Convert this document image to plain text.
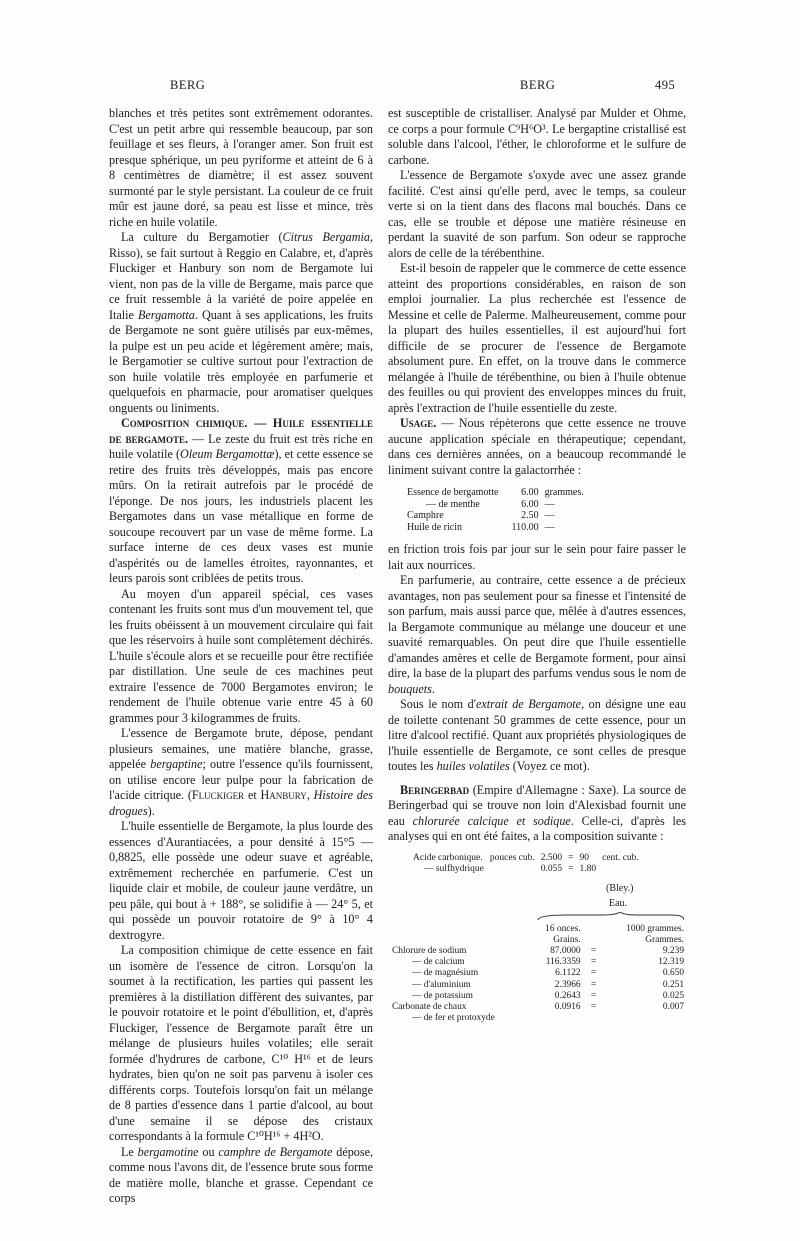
BERG	BERG	495

blanches et très petites sont extrêmement odorantes. C'est un petit arbre qui ressemble beaucoup, par son feuillage et ses fleurs, à l'oranger amer. Son fruit est presque sphérique, un peu pyriforme et atteint de 6 à 8 centimètres de diamètre; il est assez souvent surmonté par le style persistant. La couleur de ce fruit mûr est jaune doré, sa peau est lisse et mince, très riche en huile volatile.

La culture du Bergamotier (Citrus Bergamia, Risso), se fait surtout à Reggio en Calabre, et, d'après Fluckiger et Hanbury son nom de Bergamote lui vient, non pas de la ville de Bergame, mais parce que ce fruit ressemble à la variété de poire appelée en Italie Bergamotta. Quant à ses applications, les fruits de Bergamote ne sont guère utilisés par eux-mêmes, la pulpe est un peu acide et légèrement amère; mais, le Bergamotier se cultive surtout pour l'extraction de son huile volatile très employée en parfumerie et quelquefois en pharmacie, pour aromatiser quelques onguents ou liniments.

Composition chimique. — Huile essentielle de bergamote. — Le zeste du fruit est très riche en huile volatile (Oleum Bergamottæ), et cette essence se retire des fruits très développés, mais pas encore mûrs. On la retirait autrefois par le procédé de l'éponge. De nos jours, les industriels placent les Bergamotes dans un vase métallique en forme de soucoupe recouvert par un vase de même forme. La surface interne de ces deux vases est munie d'aspérités ou de lamelles étroites, rayonnantes, et leurs parois sont criblées de petits trous.

Au moyen d'un appareil spécial, ces vases contenant les fruits sont mus d'un mouvement tel, que les fruits obéissent à un mouvement circulaire qui fait que les réservoirs à huile sont complètement déchirés. L'huile s'écoule alors et se recueille pour être rectifiée par distillation. Une seule de ces machines peut extraire l'essence de 7000 Bergamotes environ; le rendement de l'huile obtenue varie entre 45 à 60 grammes pour 3 kilogrammes de fruits.

L'essence de Bergamote brute, dépose, pendant plusieurs semaines, une matière blanche, grasse, appelée bergaptine; outre l'essence qu'ils fournissent, on utilise encore leur pulpe pour la fabrication de l'acide citrique. (Fluckiger et Hanbury, Histoire des drogues).

L'huile essentielle de Bergamote, la plus lourde des essences d'Aurantiacées, a pour densité à 15°5 — 0,8825, elle possède une odeur suave et agréable, extrêmement recherchée en parfumerie. C'est un liquide clair et mobile, de couleur jaune verdâtre, un peu pâle, qui bout à + 188°, se solidifie à — 24° 5, et qui possède un pouvoir rotatoire de 9° à 10° 4 dextrogyre.

La composition chimique de cette essence en fait un isomère de l'essence de citron. Lorsqu'on la soumet à la rectification, les parties qui passent les premières à la distillation diffèrent des suivantes, par le pouvoir rotatoire et le point d'ébullition, et, d'après Fluckiger, l'essence de Bergamote paraît être un mélange de plusieurs huiles volatiles; elle serait formée d'hydrures de carbone, C¹⁰ H¹⁶ et de leurs hydrates, bien qu'on ne soit pas parvenu à isoler ces différents corps. Toutefois lorsqu'on fait un mélange de 8 parties d'essence dans 1 partie d'alcool, au bout d'une semaine il se dépose des cristaux correspondants à la formule C¹⁰H¹⁶ + 4H²O.

Le bergamotine ou camphre de Bergamote dépose, comme nous l'avons dit, de l'essence brute sous forme de matière molle, blanche et grasse. Cependant ce corps

est susceptible de cristalliser. Analysé par Mulder et Ohme, ce corps a pour formule C⁹H⁶O³. Le bergaptine cristallisé est soluble dans l'alcool, l'éther, le chloroforme et le sulfure de carbone.

L'essence de Bergamote s'oxyde avec une assez grande facilité. C'est ainsi qu'elle perd, avec le temps, sa couleur verte si on la tient dans des flacons mal bouchés. Dans ce cas, elle se trouble et dépose une matière résineuse en perdant la suavité de son parfum. Son odeur se rapproche alors de celle de la térébenthine.

Est-il besoin de rappeler que le commerce de cette essence atteint des proportions considérables, en raison de son emploi journalier. La plus recherchée est l'essence de Messine et celle de Palerme. Malheureusement, comme pour la plupart des huiles essentielles, il est aujourd'hui fort difficile de se procurer de l'essence de Bergamote absolument pure. En effet, on la trouve dans le commerce mélangée à l'huile de térébenthine, ou bien à l'huile obtenue des feuilles ou qui provient des enveloppes minces du fruit, après l'extraction de l'huile essentielle du zeste.

Usage. — Nous répèterons que cette essence ne trouve aucune application spéciale en thérapeutique; cependant, dans ces dernières années, on a beaucoup recommandé le liniment suivant contre la galactorrhée :

Essence de bergamotte	6.00	grammes.
— de menthe	6.00	—
Camphre	2.50	—
Huile de ricin	110.00	—

en friction trois fois par jour sur le sein pour faire passer le lait aux nourrices.

En parfumerie, au contraire, cette essence a de précieux avantages, non pas seulement pour sa finesse et l'intensité de son parfum, mais aussi parce que, mêlée à d'autres essences, la Bergamote communique au mélange une douceur et une suavité remarquables. On peut dire que l'huile essentielle d'amandes amères et celle de Bergamote forment, pour ainsi dire, la base de la plupart des parfums vendus sous le nom de bouquets.

Sous le nom d'extrait de Bergamote, on désigne une eau de toilette contenant 50 grammes de cette essence, pour un litre d'alcool rectifié. Quant aux propriétés physiologiques de l'huile essentielle de Bergamote, ce sont celles de presque toutes les huiles volatiles (Voyez ce mot).

Beringerbad (Empire d'Allemagne : Saxe). La source de Beringerbad qui se trouve non loin d'Alexisbad fournit une eau chlorurée calcique et sodique. Celle-ci, d'après les analyses qui en ont été faites, a la composition suivante :

Acide carbonique.	pouces cub.	2.500	=	90	cent. cub.
— sulfhydrique		0.055	=	1.80	
(Bley.)
Eau.
	16 onces.		1000 grammes.
	Grains.		Grammes.
Chlorure de sodium	87.0000	=	9.239
— de calcium	116.3359	=	12.319
— de magnésium	6.1122	=	0.650
— d'aluminium	2.3966	=	0.251
— de potassium	0.2643	=	0.025
Carbonate de chaux	0.0916	=	0.007
— de fer et protoxyde			
